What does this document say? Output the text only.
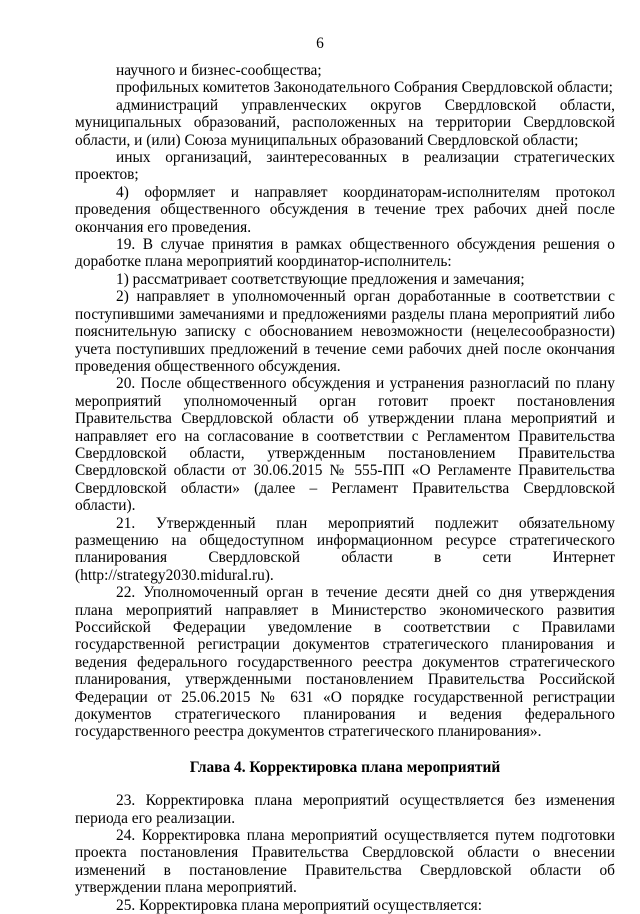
6

научного и бизнес-сообщества;

профильных комитетов Законодательного Собрания Свердловской области;

администраций управленческих округов Свердловской области, муниципальных образований, расположенных на территории Свердловской области, и (или) Союза муниципальных образований Свердловской области;

иных организаций, заинтересованных в реализации стратегических проектов;

4) оформляет и направляет координаторам-исполнителям протокол проведения общественного обсуждения в течение трех рабочих дней после окончания его проведения.

19. В случае принятия в рамках общественного обсуждения решения о доработке плана мероприятий координатор-исполнитель:

1) рассматривает соответствующие предложения и замечания;

2) направляет в уполномоченный орган доработанные в соответствии с поступившими замечаниями и предложениями разделы плана мероприятий либо пояснительную записку с обоснованием невозможности (нецелесообразности) учета поступивших предложений в течение семи рабочих дней после окончания проведения общественного обсуждения.

20. После общественного обсуждения и устранения разногласий по плану мероприятий уполномоченный орган готовит проект постановления Правительства Свердловской области об утверждении плана мероприятий и направляет его на согласование в соответствии с Регламентом Правительства Свердловской области, утвержденным постановлением Правительства Свердловской области от 30.06.2015 № 555-ПП «О Регламенте Правительства Свердловской области» (далее – Регламент Правительства Свердловской области).

21. Утвержденный план мероприятий подлежит обязательному размещению на общедоступном информационном ресурсе стратегического планирования Свердловской области в сети Интернет (http://strategy2030.midural.ru).

22. Уполномоченный орган в течение десяти дней со дня утверждения плана мероприятий направляет в Министерство экономического развития Российской Федерации уведомление в соответствии с Правилами государственной регистрации документов стратегического планирования и ведения федерального государственного реестра документов стратегического планирования, утвержденными постановлением Правительства Российской Федерации от 25.06.2015 № 631 «О порядке государственной регистрации документов стратегического планирования и ведения федерального государственного реестра документов стратегического планирования».

Глава 4. Корректировка плана мероприятий

23. Корректировка плана мероприятий осуществляется без изменения периода его реализации.

24. Корректировка плана мероприятий осуществляется путем подготовки проекта постановления Правительства Свердловской области о внесении изменений в постановление Правительства Свердловской области об утверждении плана мероприятий.

25. Корректировка плана мероприятий осуществляется:
